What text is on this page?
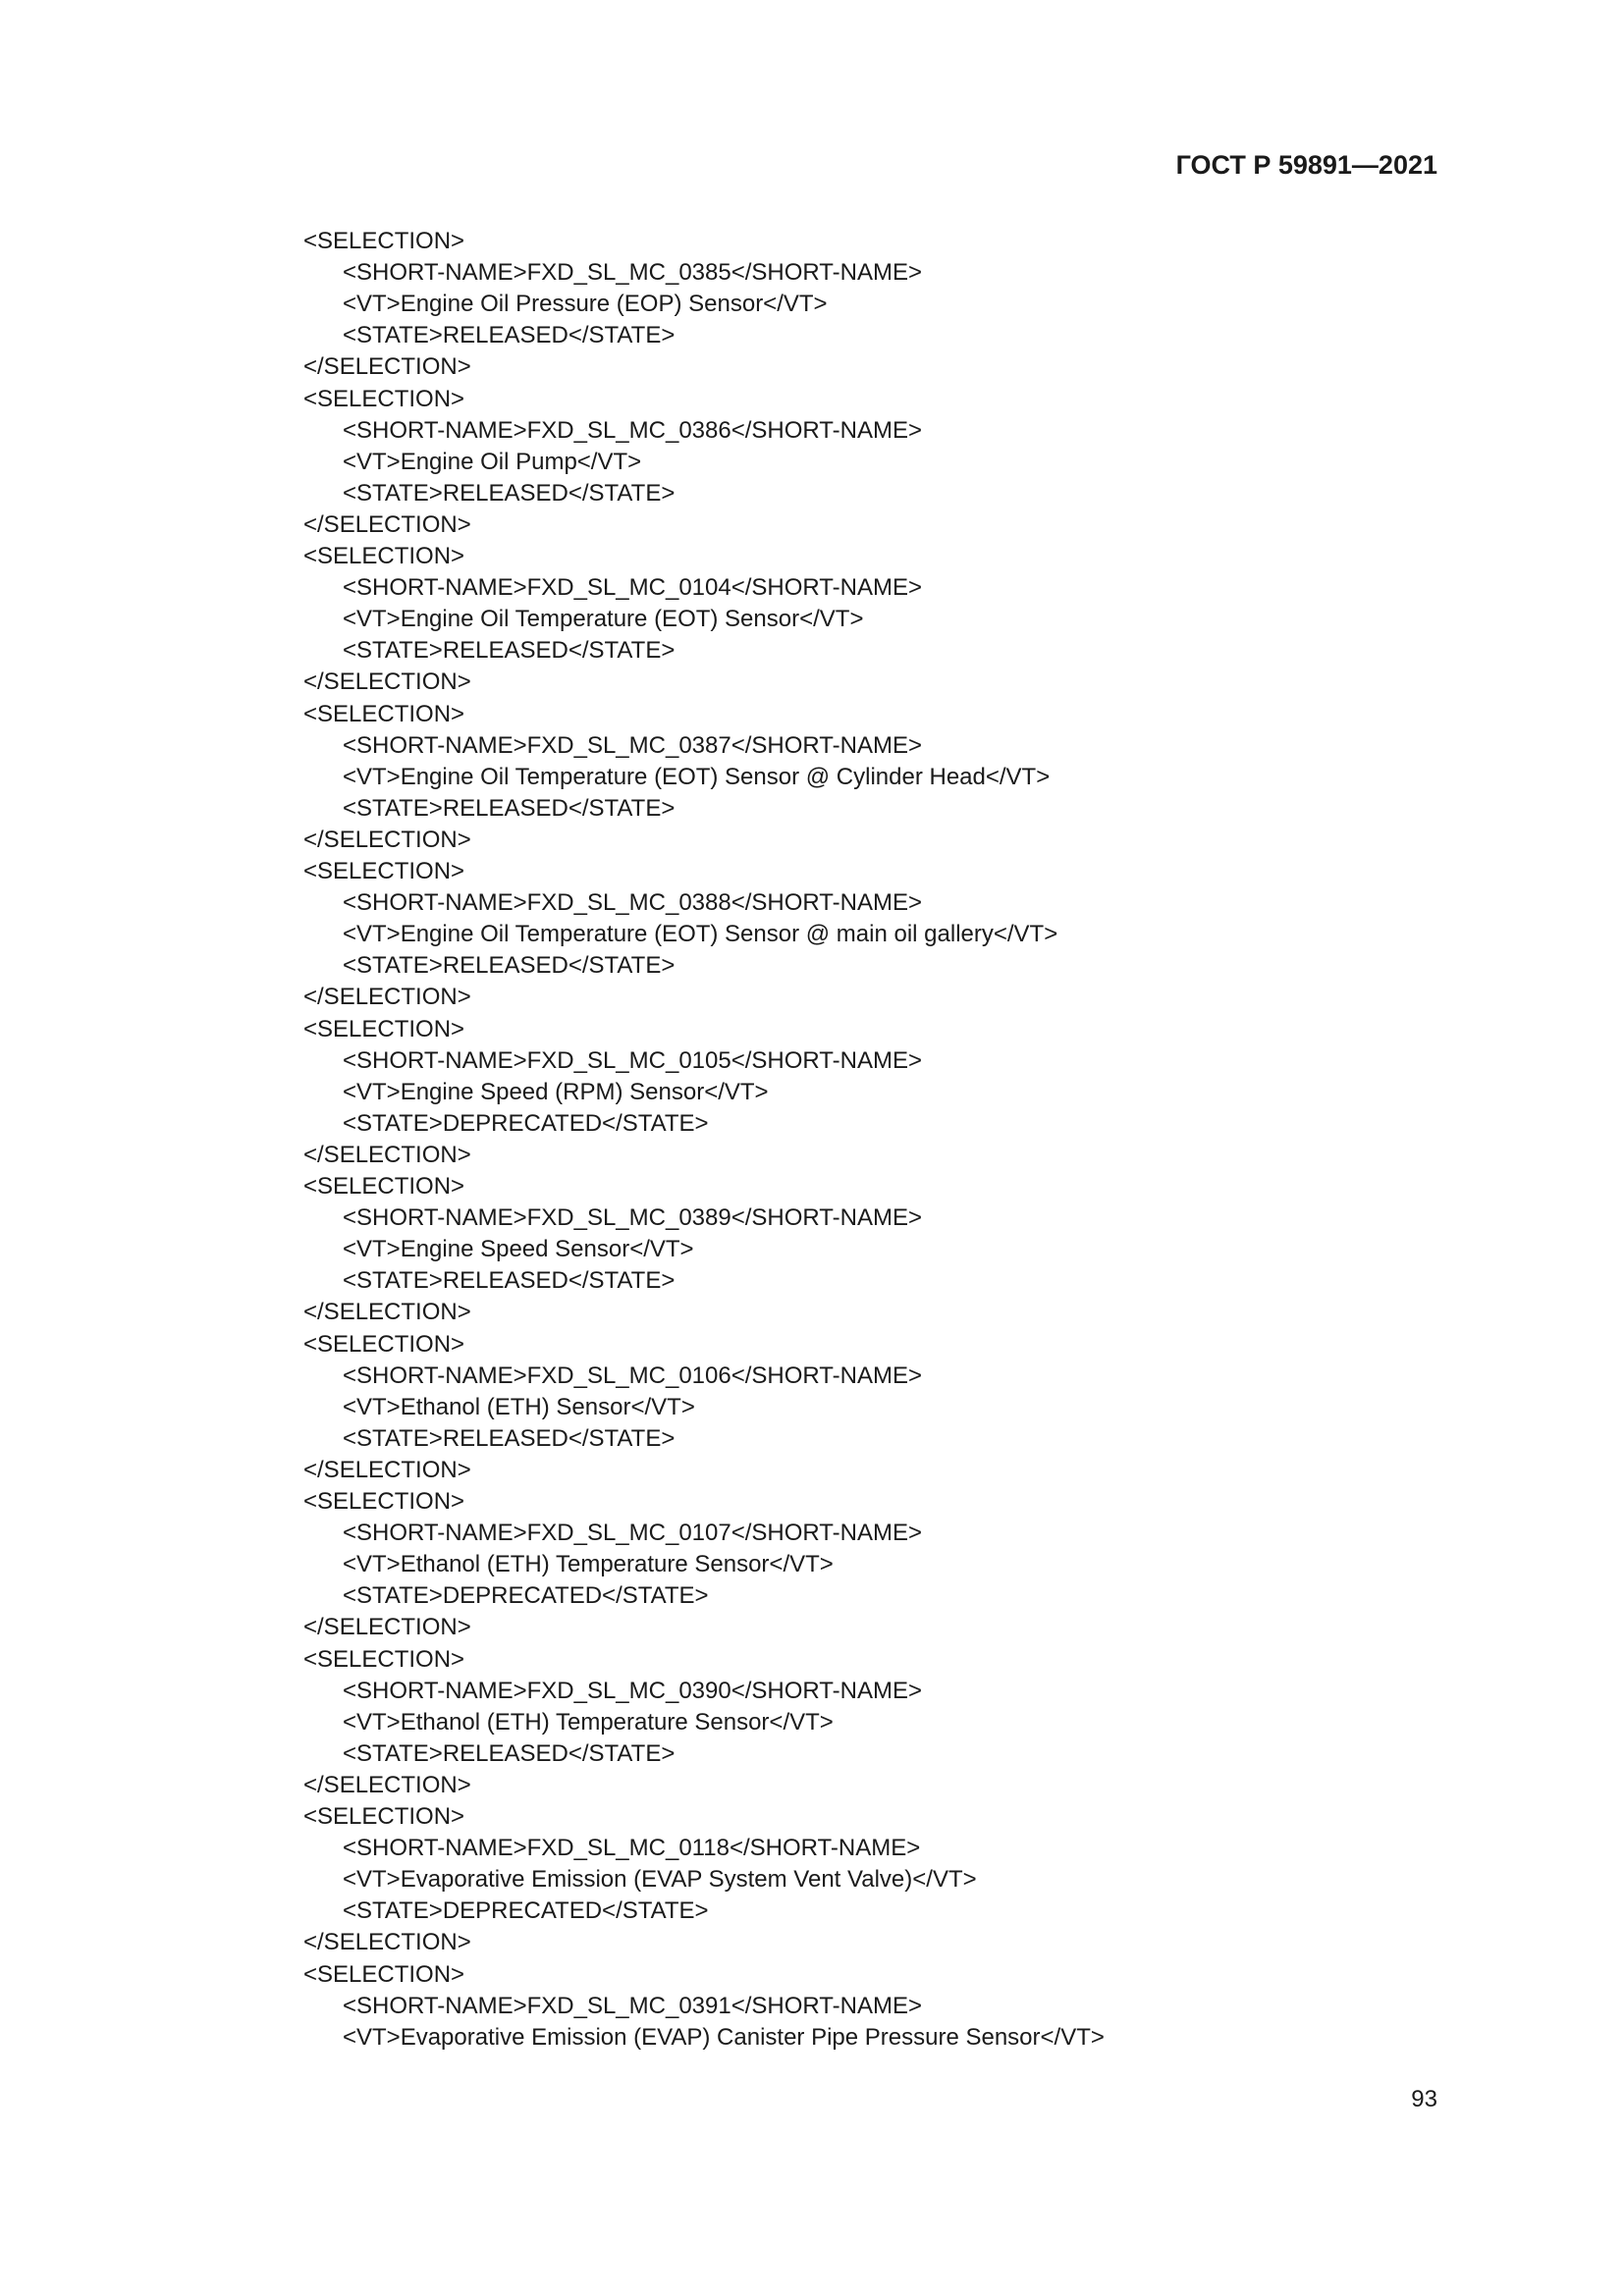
ГОСТ Р 59891—2021
<SELECTION>
<SHORT-NAME>FXD_SL_MC_0385</SHORT-NAME>
<VT>Engine Oil Pressure (EOP) Sensor</VT>
<STATE>RELEASED</STATE>
</SELECTION>
<SELECTION>
<SHORT-NAME>FXD_SL_MC_0386</SHORT-NAME>
<VT>Engine Oil Pump</VT>
<STATE>RELEASED</STATE>
</SELECTION>
<SELECTION>
<SHORT-NAME>FXD_SL_MC_0104</SHORT-NAME>
<VT>Engine Oil Temperature (EOT) Sensor</VT>
<STATE>RELEASED</STATE>
</SELECTION>
<SELECTION>
<SHORT-NAME>FXD_SL_MC_0387</SHORT-NAME>
<VT>Engine Oil Temperature (EOT) Sensor @ Cylinder Head</VT>
<STATE>RELEASED</STATE>
</SELECTION>
<SELECTION>
<SHORT-NAME>FXD_SL_MC_0388</SHORT-NAME>
<VT>Engine Oil Temperature (EOT) Sensor @ main oil gallery</VT>
<STATE>RELEASED</STATE>
</SELECTION>
<SELECTION>
<SHORT-NAME>FXD_SL_MC_0105</SHORT-NAME>
<VT>Engine Speed (RPM) Sensor</VT>
<STATE>DEPRECATED</STATE>
</SELECTION>
<SELECTION>
<SHORT-NAME>FXD_SL_MC_0389</SHORT-NAME>
<VT>Engine Speed Sensor</VT>
<STATE>RELEASED</STATE>
</SELECTION>
<SELECTION>
<SHORT-NAME>FXD_SL_MC_0106</SHORT-NAME>
<VT>Ethanol (ETH) Sensor</VT>
<STATE>RELEASED</STATE>
</SELECTION>
<SELECTION>
<SHORT-NAME>FXD_SL_MC_0107</SHORT-NAME>
<VT>Ethanol (ETH) Temperature Sensor</VT>
<STATE>DEPRECATED</STATE>
</SELECTION>
<SELECTION>
<SHORT-NAME>FXD_SL_MC_0390</SHORT-NAME>
<VT>Ethanol (ETH) Temperature Sensor</VT>
<STATE>RELEASED</STATE>
</SELECTION>
<SELECTION>
<SHORT-NAME>FXD_SL_MC_0118</SHORT-NAME>
<VT>Evaporative Emission (EVAP System Vent Valve)</VT>
<STATE>DEPRECATED</STATE>
</SELECTION>
<SELECTION>
<SHORT-NAME>FXD_SL_MC_0391</SHORT-NAME>
<VT>Evaporative Emission (EVAP) Canister Pipe Pressure Sensor</VT>
93
